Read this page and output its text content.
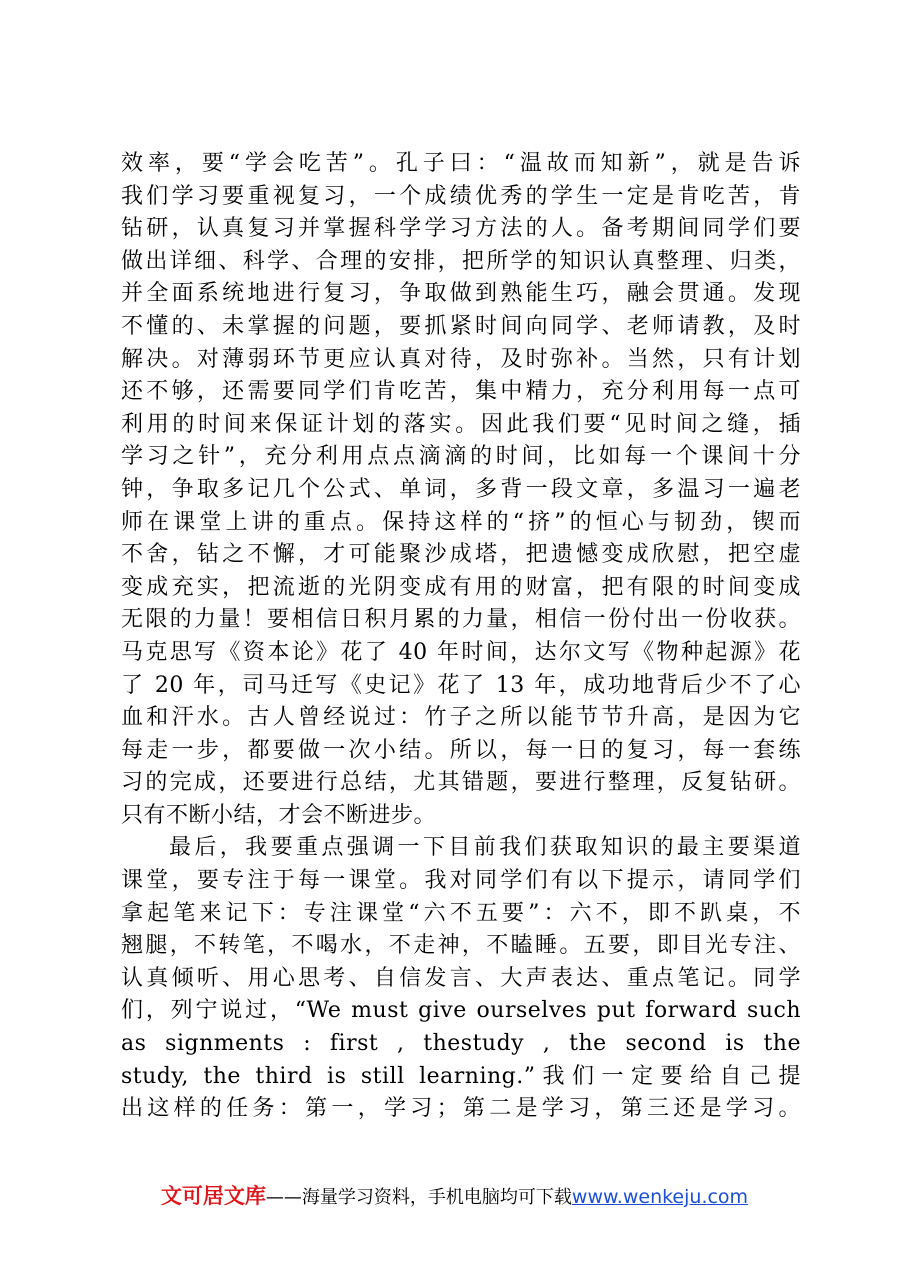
效率，要“学会吃苦”。孔子曰：“温故而知新”，就是告诉
我们学习要重视复习，一个成绩优秀的学生一定是肯吃苦，肯
钻研，认真复习并掌握科学学习方法的人。备考期间同学们要
做出详细、科学、合理的安排，把所学的知识认真整理、归类，
并全面系统地进行复习，争取做到熟能生巧，融会贯通。发现
不懂的、未掌握的问题，要抓紧时间向同学、老师请教，及时
解决。对薄弱环节更应认真对待，及时弥补。当然，只有计划
还不够，还需要同学们肯吃苦，集中精力，充分利用每一点可
利用的时间来保证计划的落实。因此我们要“见时间之缝，插
学习之针”，充分利用点点滴滴的时间，比如每一个课间十分
钟，争取多记几个公式、单词，多背一段文章，多温习一遍老
师在课堂上讲的重点。保持这样的“挤”的恒心与韧劲，锲而
不舍，钻之不懈，才可能聚沙成塔，把遗憾变成欣慰，把空虚
变成充实，把流逝的光阴变成有用的财富，把有限的时间变成
无限的力量！要相信日积月累的力量，相信一份付出一份收获。
马克思写《资本论》花了 40 年时间，达尔文写《物种起源》花
了 20 年，司马迁写《史记》花了 13 年，成功地背后少不了心
血和汗水。古人曾经说过：竹子之所以能节节升高，是因为它
每走一步，都要做一次小结。所以，每一日的复习，每一套练
习的完成，还要进行总结，尤其错题，要进行整理，反复钻研。
只有不断小结，才会不断进步。
最后，我要重点强调一下目前我们获取知识的最主要渠道
课堂，要专注于每一课堂。我对同学们有以下提示，请同学们
拿起笔来记下：专注课堂“六不五要”：六不，即不趴桌，不
翘腿，不转笔，不喝水，不走神，不瞌睡。五要，即目光专注、
认真倾听、用心思考、自信发言、大声表达、重点笔记。同学
们，列宁说过，“We must give ourselves put forward such
as signments : first , thestudy , the second is the
study, the third is still learning.”我们一定要给自己提
出这样的任务：第一，学习；第二是学习，第三还是学习。
文可居文库——海量学习资料，手机电脑均可下载www.wenkeju.com
